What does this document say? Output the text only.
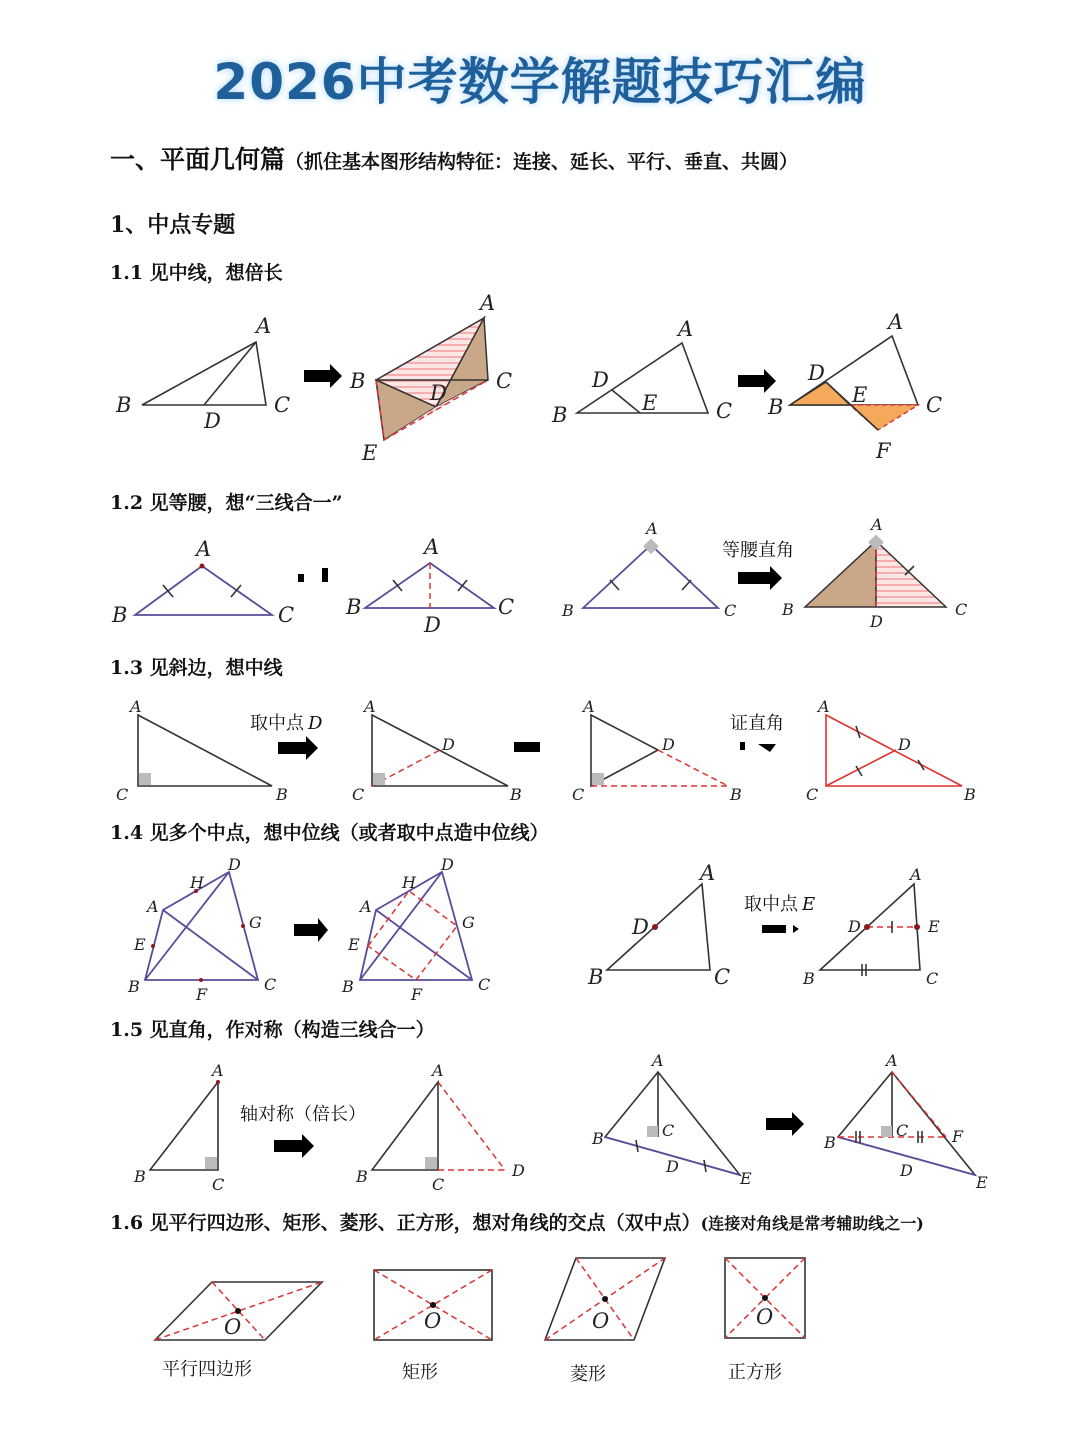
2026中考数学解题技巧汇编
一、平面几何篇（抓住基本图形结构特征：连接、延长、平行、垂直、共圆）
1、中点专题
1.1 见中线，想倍长
1.2 见等腰，想“三线合一”
1.3 见斜边，想中线
1.4 见多个中点，想中位线（或者取中点造中位线）
1.5 见直角，作对称（构造三线合一）
1.6 见平行四边形、矩形、菱形、正方形，想对角线的交点（双中点）(连接对角线是常考辅助线之一)
A
B	C
D
A
B	C
D
E
A
B	C
D
E
A
B	C
D
E
F
A
B	C
A
B	C
D
A
B	C
等腰直角
A
B	C
D
A
C	B
取中点 D
A
C	B
D
A
C	B
D
证直角
A
C	B
D
A
B	C
D
E
F
G
H
A
B	C
D
E
F
G
H	A
B	C
D
取中点 E
A
B	C
D	E
A
B	C
轴对称（倍长）
A
B	C
D
A
B	C
D
E
A
B
C
D
E
F
O
平行四边形
O
矩形
O
菱形
O
正方形
